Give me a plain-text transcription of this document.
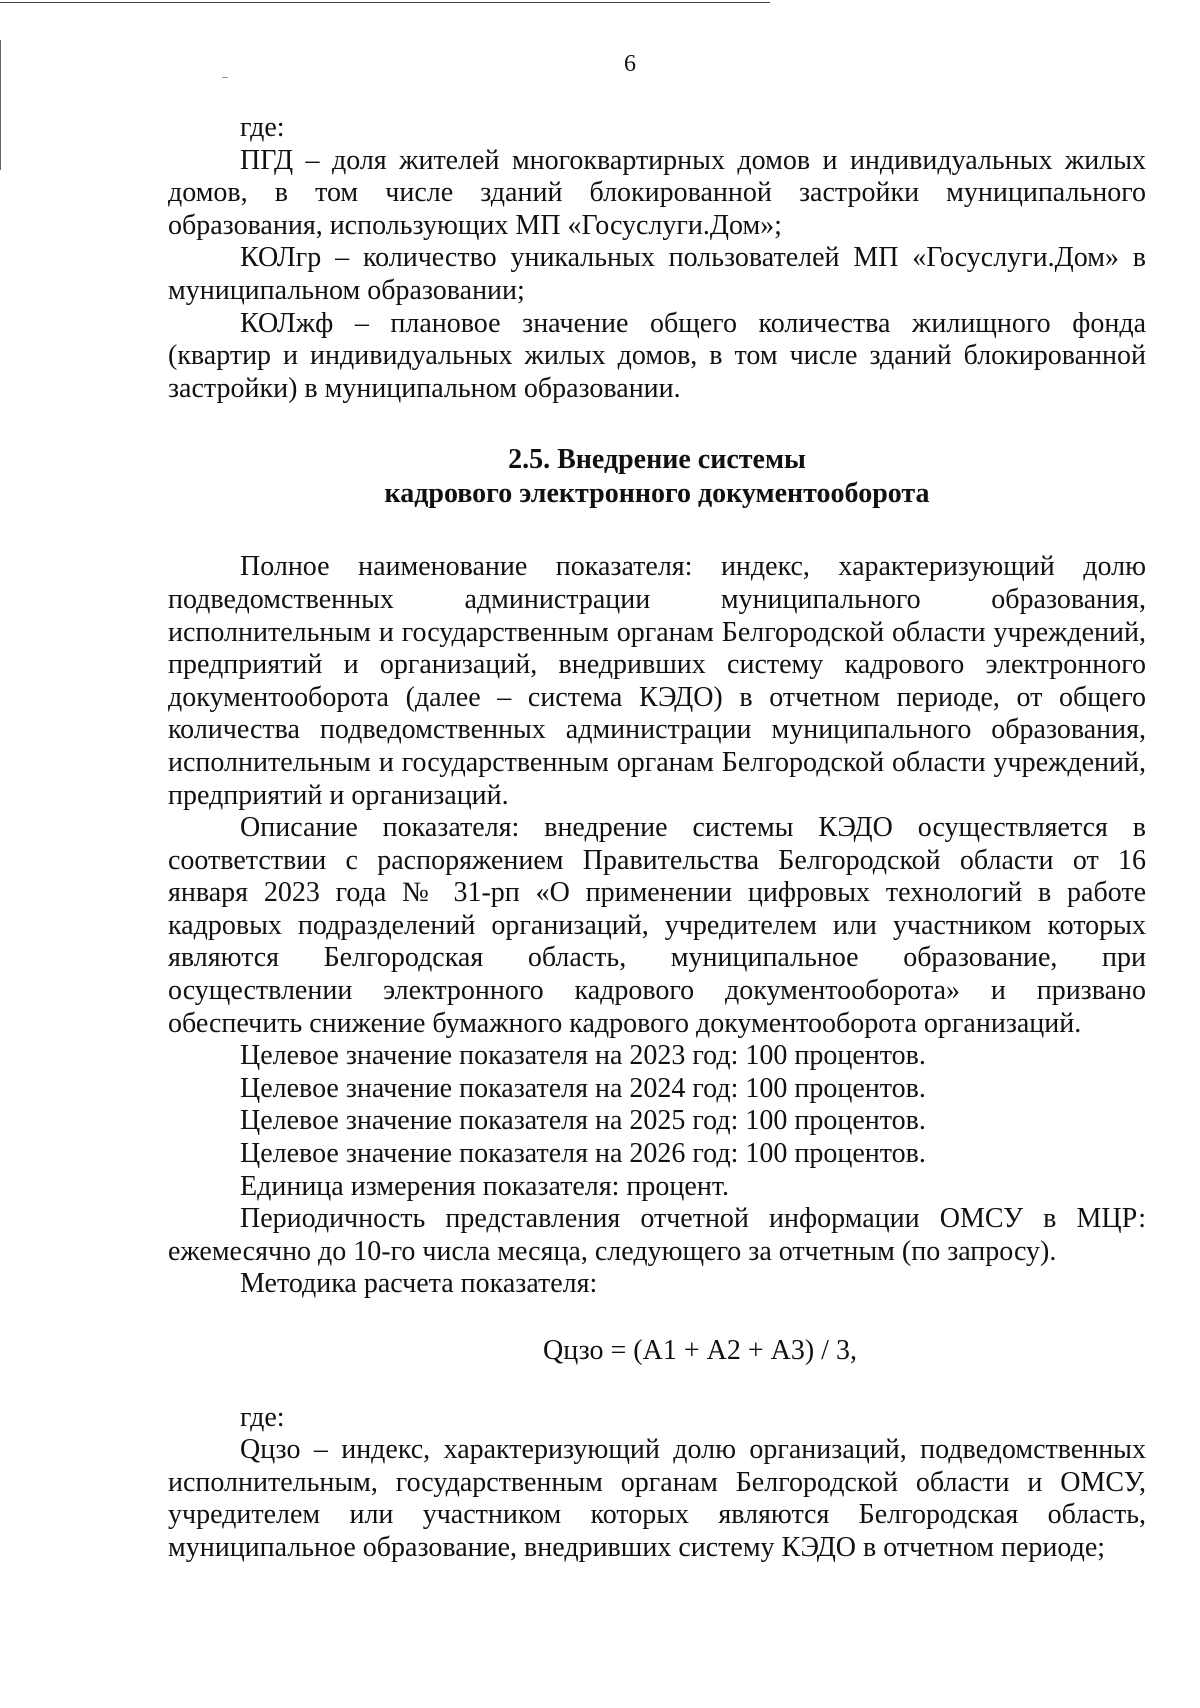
6

где:

ПГД – доля жителей многоквартирных домов и индивидуальных жилых домов, в том числе зданий блокированной застройки муниципального образования, использующих МП «Госуслуги.Дом»;

КОЛгр – количество уникальных пользователей МП «Госуслуги.Дом» в муниципальном образовании;

КОЛжф – плановое значение общего количества жилищного фонда (квартир и индивидуальных жилых домов, в том числе зданий блокированной застройки) в муниципальном образовании.

2.5. Внедрение системы
кадрового электронного документооборота

Полное наименование показателя: индекс, характеризующий долю подведомственных администрации муниципального образования, исполнительным и государственным органам Белгородской области учреждений, предприятий и организаций, внедривших систему кадрового электронного документооборота (далее – система КЭДО) в отчетном периоде, от общего количества подведомственных администрации муниципального образования, исполнительным и государственным органам Белгородской области учреждений, предприятий и организаций.

Описание показателя: внедрение системы КЭДО осуществляется в соответствии с распоряжением Правительства Белгородской области от 16 января 2023 года № 31-рп «О применении цифровых технологий в работе кадровых подразделений организаций, учредителем или участником которых являются Белгородская область, муниципальное образование, при осуществлении электронного кадрового документооборота» и призвано обеспечить снижение бумажного кадрового документооборота организаций.

Целевое значение показателя на 2023 год: 100 процентов.

Целевое значение показателя на 2024 год: 100 процентов.

Целевое значение показателя на 2025 год: 100 процентов.

Целевое значение показателя на 2026 год: 100 процентов.

Единица измерения показателя: процент.

Периодичность представления отчетной информации ОМСУ в МЦР: ежемесячно до 10-го числа месяца, следующего за отчетным (по запросу).

Методика расчета показателя:

Qцзо = (А1 + А2 + А3) / 3,

где:

Qцзо – индекс, характеризующий долю организаций, подведомственных исполнительным, государственным органам Белгородской области и ОМСУ, учредителем или участником которых являются Белгородская область, муниципальное образование, внедривших систему КЭДО в отчетном периоде;
